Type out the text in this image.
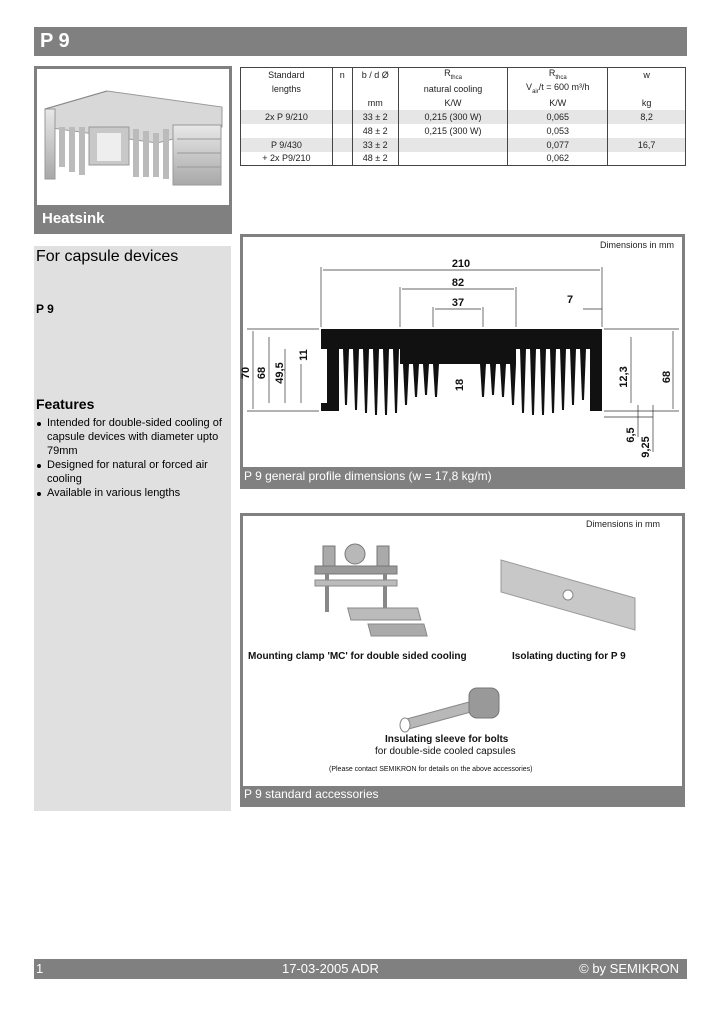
P 9
Heatsink
Standard	n	b / d Ø	$R_{thca}$	$R_{thca}$	w
lengths			natural cooling	$V_{air}/t = 600$ m³/h	
		mm	K/W	K/W	kg
2x P 9/210		33 ± 2	0,215 (300 W)	0,065	8,2
		48 ± 2	0,215 (300 W)	0,053	
P 9/430		33 ± 2		0,077	16,7
+ 2x P9/210		48 ± 2		0,062	
For capsule devices
P 9
Features
Intended for double-sided cooling of capsule devices with diameter upto 79mm
Designed for natural or forced air cooling
Available in various lengths
Dimensions in mm
210
82
37	7
70 68 49,5
11
18	12,3	68
6,5
9,25
P 9 general profile dimensions (w = 17,8 kg/m)
Dimensions in mm
Mounting clamp 'MC' for double sided cooling	Isolating ducting for P 9
Insulating sleeve for bolts
for double-side cooled capsules
(Please contact SEMIKRON for details on the above accessories)
P 9 standard accessories
1	17-03-2005 ADR	© by SEMIKRON
